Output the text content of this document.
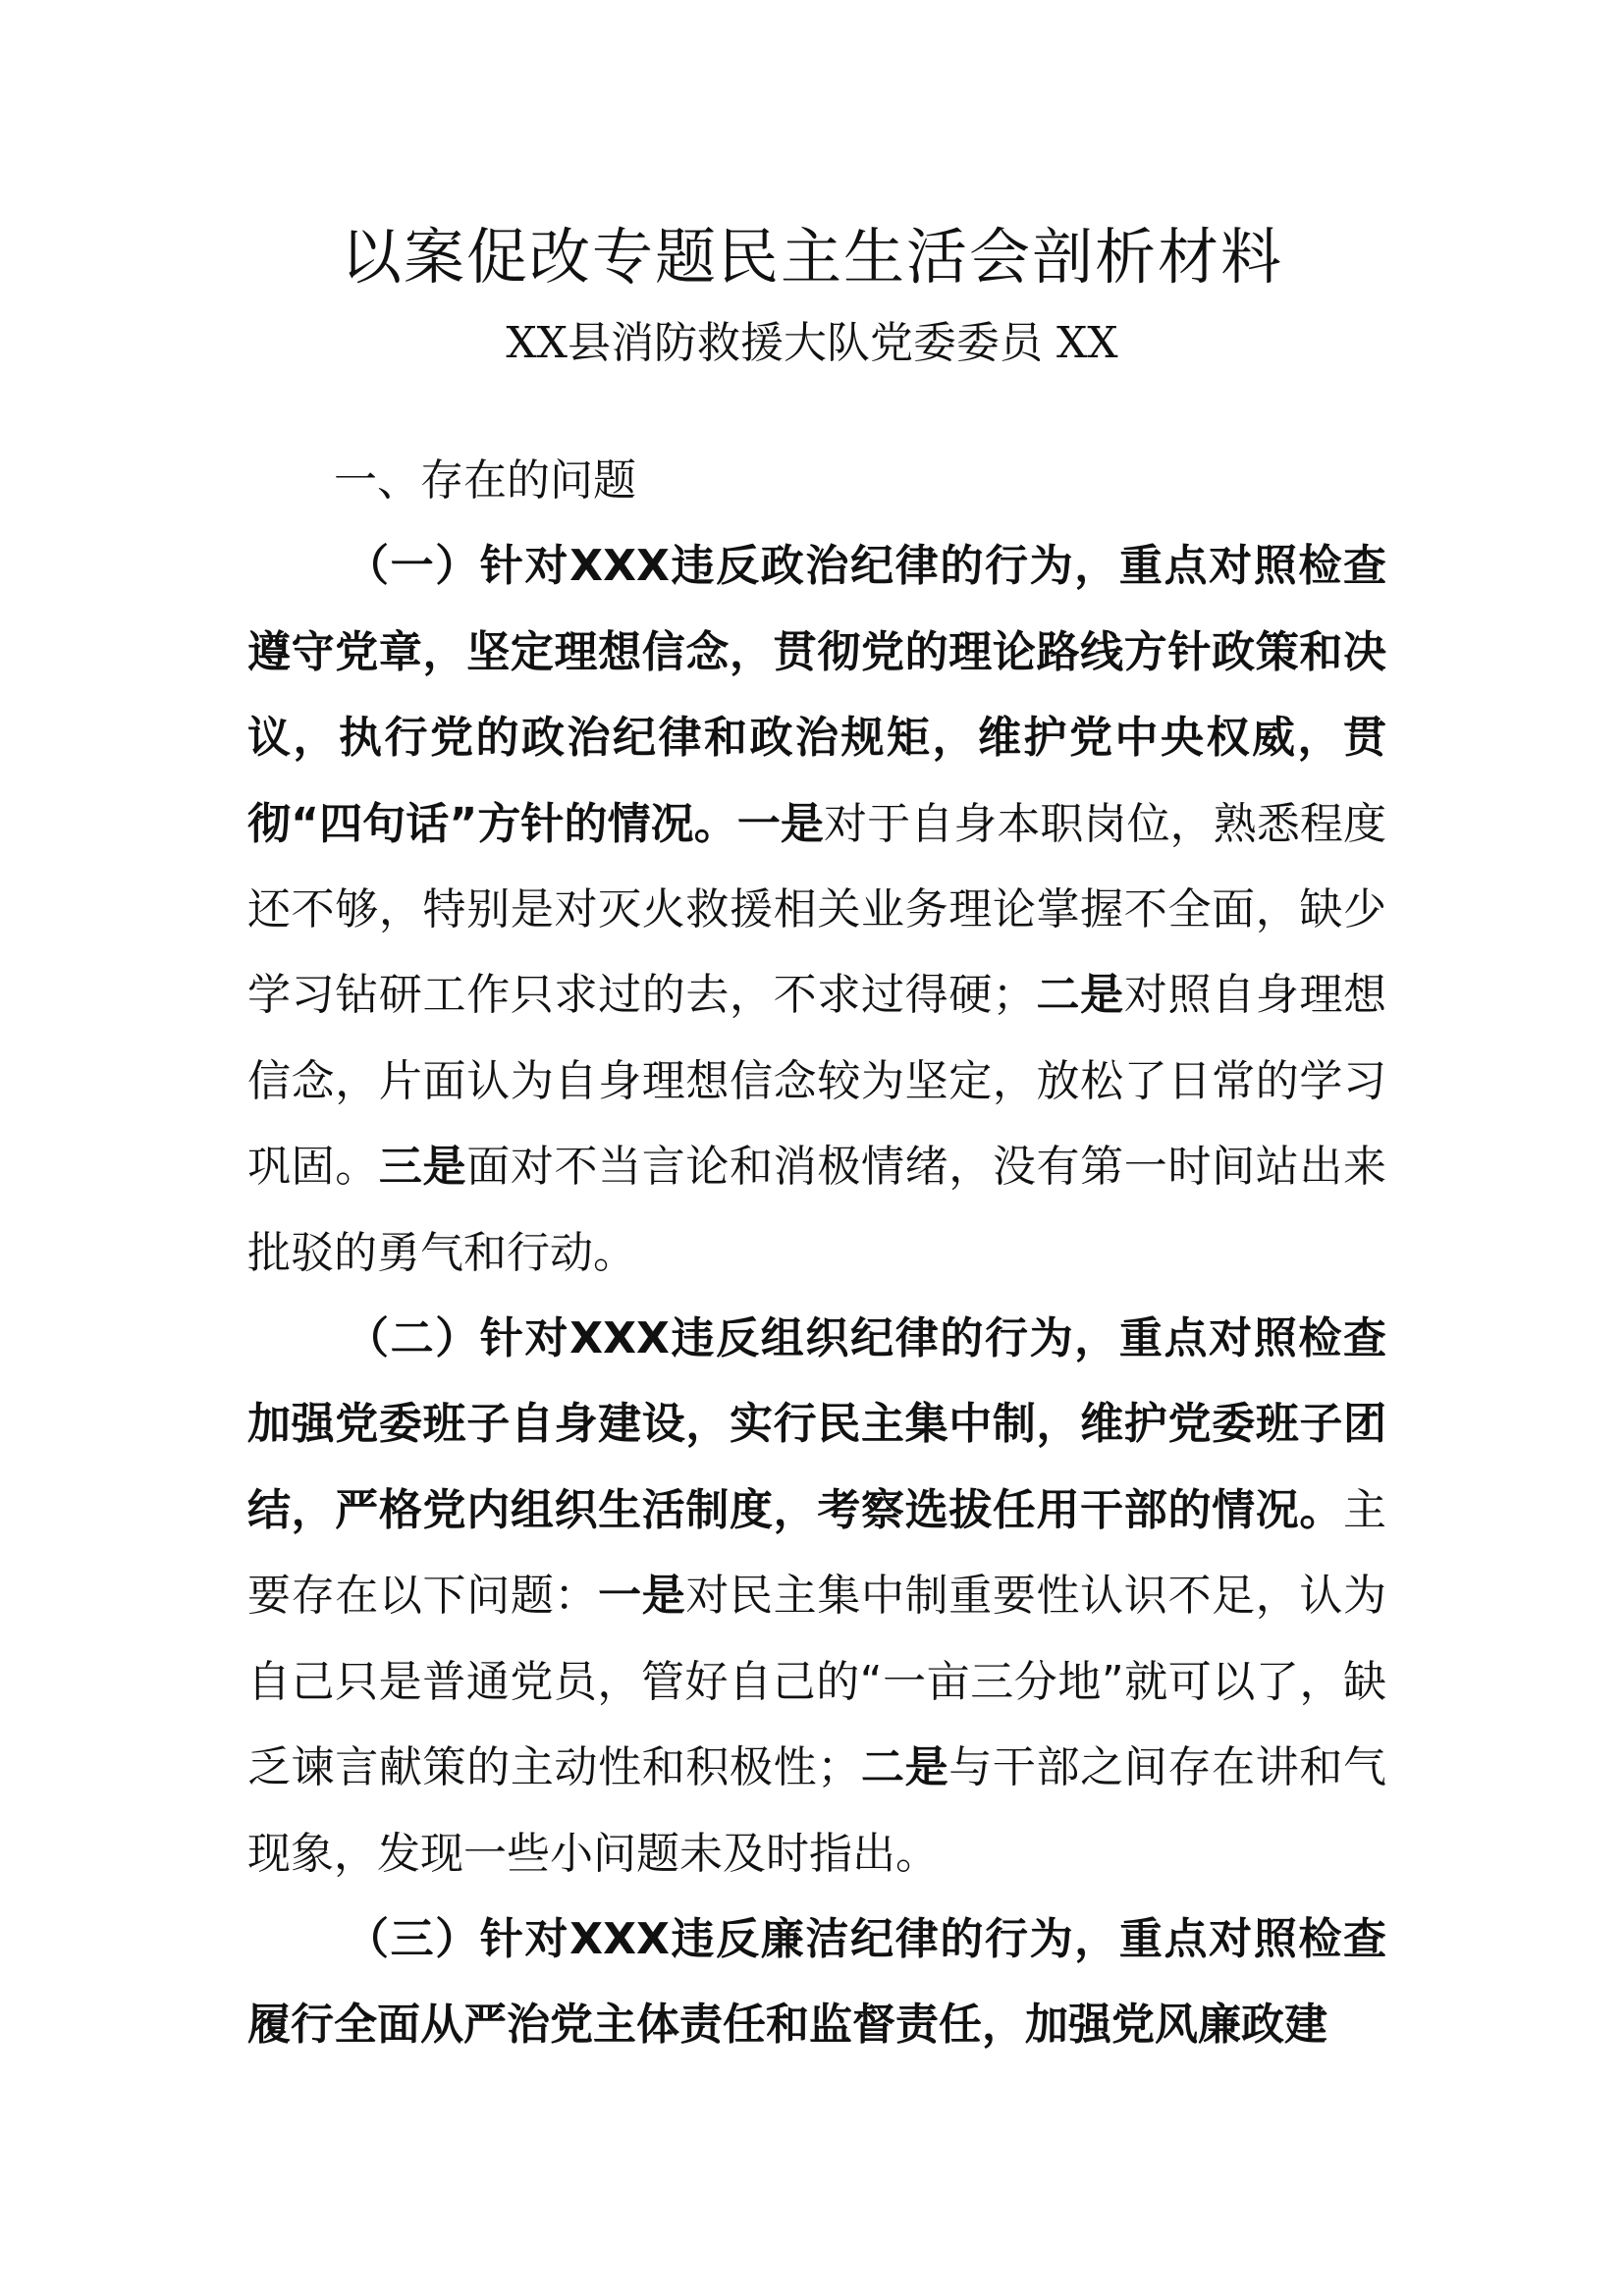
以案促改专题民主生活会剖析材料
XX县消防救援大队党委委员 XX

一、存在的问题

（一）针对XXX违反政治纪律的行为，重点对照检查遵守党章，坚定理想信念，贯彻党的理论路线方针政策和决议，执行党的政治纪律和政治规矩，维护党中央权威，贯彻“四句话”方针的情况。一是对于自身本职岗位，熟悉程度还不够，特别是对灭火救援相关业务理论掌握不全面，缺少学习钻研工作只求过的去，不求过得硬；二是对照自身理想信念，片面认为自身理想信念较为坚定，放松了日常的学习巩固。三是面对不当言论和消极情绪，没有第一时间站出来批驳的勇气和行动。

（二）针对XXX违反组织纪律的行为，重点对照检查加强党委班子自身建设，实行民主集中制，维护党委班子团结，严格党内组织生活制度，考察选拔任用干部的情况。主要存在以下问题：一是对民主集中制重要性认识不足，认为自己只是普通党员，管好自己的“一亩三分地”就可以了，缺乏谏言献策的主动性和积极性；二是与干部之间存在讲和气现象，发现一些小问题未及时指出。

（三）针对XXX违反廉洁纪律的行为，重点对照检查履行全面从严治党主体责任和监督责任，加强党风廉政建
